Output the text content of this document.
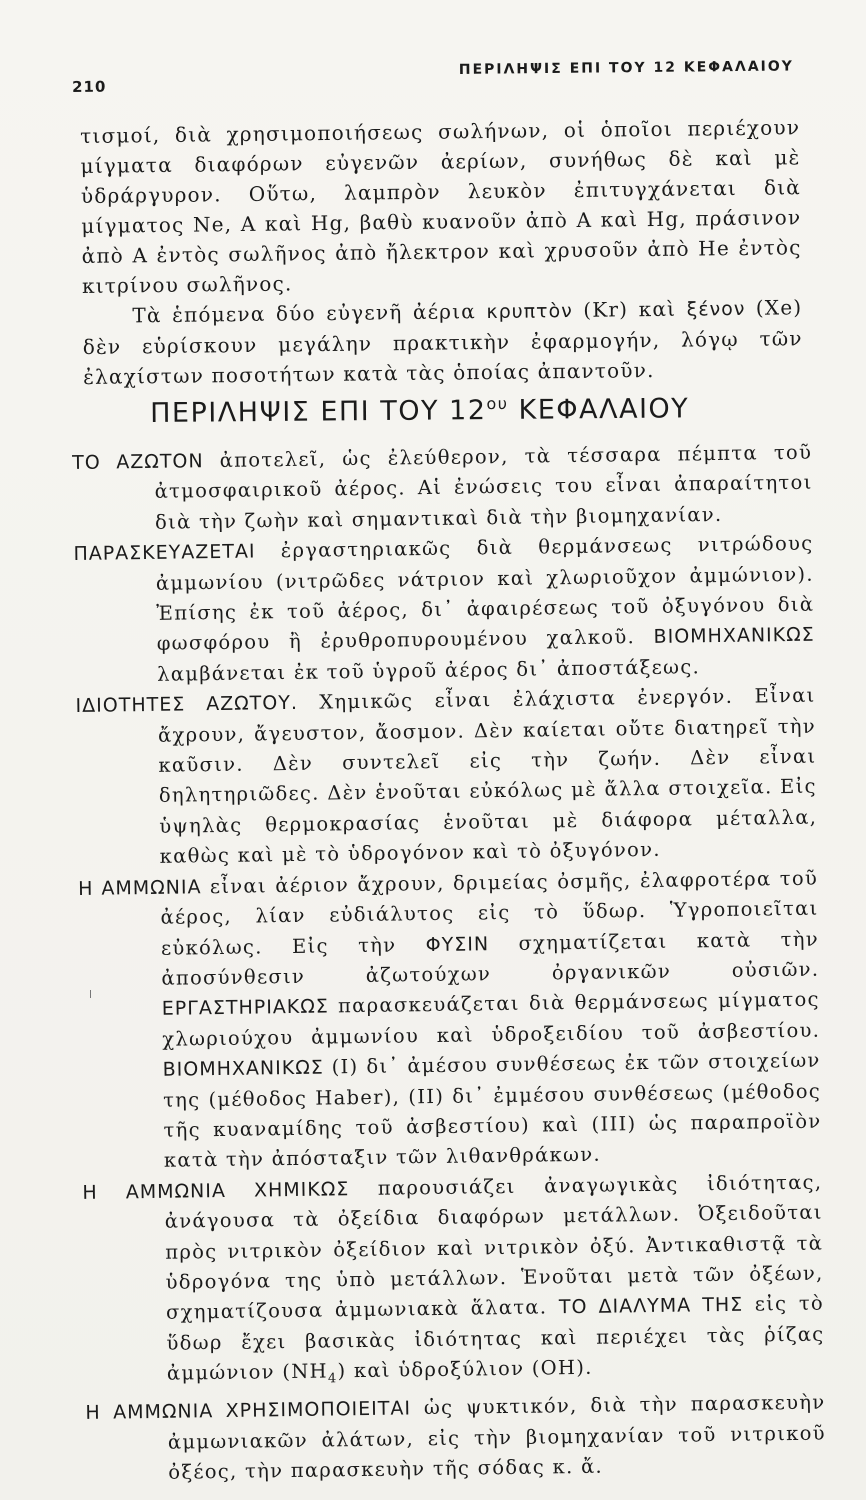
210
ΠΕΡΙΛΗΨΙΣ ΕΠΙ ΤΟΥ 12 ΚΕΦΑΛΑΙΟΥ

τισμοί, διὰ χρησιμοποιήσεως σωλήνων, οἱ ὁποῖοι περιέχουν μίγματα διαφόρων εὐγενῶν ἀερίων, συνήθως δὲ καὶ μὲ ὑδράργυρον. Οὕτω, λαμπρὸν λευκὸν ἐπιτυγχάνεται διὰ μίγματος Ne, A καὶ Hg, βαθὺ κυανοῦν ἀπὸ A καὶ Hg, πράσινον ἀπὸ A ἐντὸς σωλῆνος ἀπὸ ἤλεκτρον καὶ χρυσοῦν ἀπὸ He ἐντὸς κιτρίνου σωλῆνος.

Τὰ ἑπόμενα δύο εὐγενῆ ἀέρια κρυπτὸν (Kr) καὶ ξένον (Xe) δὲν εὑρίσκουν μεγάλην πρακτικὴν ἐφαρμογήν, λόγῳ τῶν ἐλαχίστων ποσοτήτων κατὰ τὰς ὁποίας ἀπαντοῦν.

ΠΕΡΙΛΗΨΙΣ ΕΠΙ ΤΟΥ $12^{o\upsilon}$ ΚΕΦΑΛΑΙΟΥ

ΤΟ ΑΖΩΤΟΝ ἀποτελεῖ, ὡς ἐλεύθερον, τὰ τέσσαρα πέμπτα τοῦ ἀτμοσφαιρικοῦ ἀέρος. Αἱ ἐνώσεις του εἶναι ἀπαραίτητοι διὰ τὴν ζωὴν καὶ σημαντικαὶ διὰ τὴν βιομηχανίαν.

ΠΑΡΑΣΚΕΥΑΖΕΤΑΙ ἐργαστηριακῶς διὰ θερμάνσεως νιτρώδους ἀμμωνίου (νιτρῶδες νάτριον καὶ χλωριοῦχον ἀμμώνιον). Ἐπίσης ἐκ τοῦ ἀέρος, δι᾽ ἀφαιρέσεως τοῦ ὀξυγόνου διὰ φωσφόρου ἢ ἐρυθροπυρουμένου χαλκοῦ. ΒΙΟΜΗΧΑΝΙΚΩΣ λαμβάνεται ἐκ τοῦ ὑγροῦ ἀέρος δι᾽ ἀποστάξεως.

ΙΔΙΟΤΗΤΕΣ ΑΖΩΤΟΥ. Χημικῶς εἶναι ἐλάχιστα ἐνεργόν. Εἶναι ἄχρουν, ἄγευστον, ἄοσμον. Δὲν καίεται οὔτε διατηρεῖ τὴν καῦσιν. Δὲν συντελεῖ εἰς τὴν ζωήν. Δὲν εἶναι δηλητηριῶδες. Δὲν ἑνοῦται εὐκόλως μὲ ἄλλα στοιχεῖα. Εἰς ὑψηλὰς θερμοκρασίας ἑνοῦται μὲ διάφορα μέταλλα, καθὼς καὶ μὲ τὸ ὑδρογόνον καὶ τὸ ὀξυγόνον.

Η ΑΜΜΩΝΙΑ εἶναι ἀέριον ἄχρουν, δριμείας ὀσμῆς, ἐλαφροτέρα τοῦ ἀέρος, λίαν εὐδιάλυτος εἰς τὸ ὕδωρ. Ὑγροποιεῖται εὐκόλως. Εἰς τὴν ΦΥΣΙΝ σχηματίζεται κατὰ τὴν ἀποσύνθεσιν ἀζωτούχων ὀργανικῶν οὐσιῶν. ΕΡΓΑΣΤΗΡΙΑΚΩΣ παρασκευάζεται διὰ θερμάνσεως μίγματος χλωριούχου ἀμμωνίου καὶ ὑδροξειδίου τοῦ ἀσβεστίου. ΒΙΟΜΗΧΑΝΙΚΩΣ (I) δι᾽ ἀμέσου συνθέσεως ἐκ τῶν στοιχείων της (μέθοδος Haber), (II) δι᾽ ἐμμέσου συνθέσεως (μέθοδος τῆς κυαναμίδης τοῦ ἀσβεστίου) καὶ (III) ὡς παραπροϊὸν κατὰ τὴν ἀπόσταξιν τῶν λιθανθράκων.

Η ΑΜΜΩΝΙΑ ΧΗΜΙΚΩΣ παρουσιάζει ἀναγωγικὰς ἰδιότητας, ἀνάγουσα τὰ ὀξείδια διαφόρων μετάλλων. Ὀξειδοῦται πρὸς νιτρικὸν ὀξείδιον καὶ νιτρικὸν ὀξύ. Ἀντικαθιστᾷ τὰ ὑδρογόνα της ὑπὸ μετάλλων. Ἑνοῦται μετὰ τῶν ὀξέων, σχηματίζουσα ἀμμωνιακὰ ἅλατα. ΤΟ ΔΙΑΛΥΜΑ ΤΗΣ εἰς τὸ ὕδωρ ἔχει βασικὰς ἰδιότητας καὶ περιέχει τὰς ῥίζας ἀμμώνιον $(NH_4)$ καὶ ὑδροξύλιον (OH).

Η ΑΜΜΩΝΙΑ ΧΡΗΣΙΜΟΠΟΙΕΙΤΑΙ ὡς ψυκτικόν, διὰ τὴν παρασκευὴν ἀμμωνιακῶν ἀλάτων, εἰς τὴν βιομηχανίαν τοῦ νιτρικοῦ ὀξέος, τὴν παρασκευὴν τῆς σόδας κ. ἄ.
